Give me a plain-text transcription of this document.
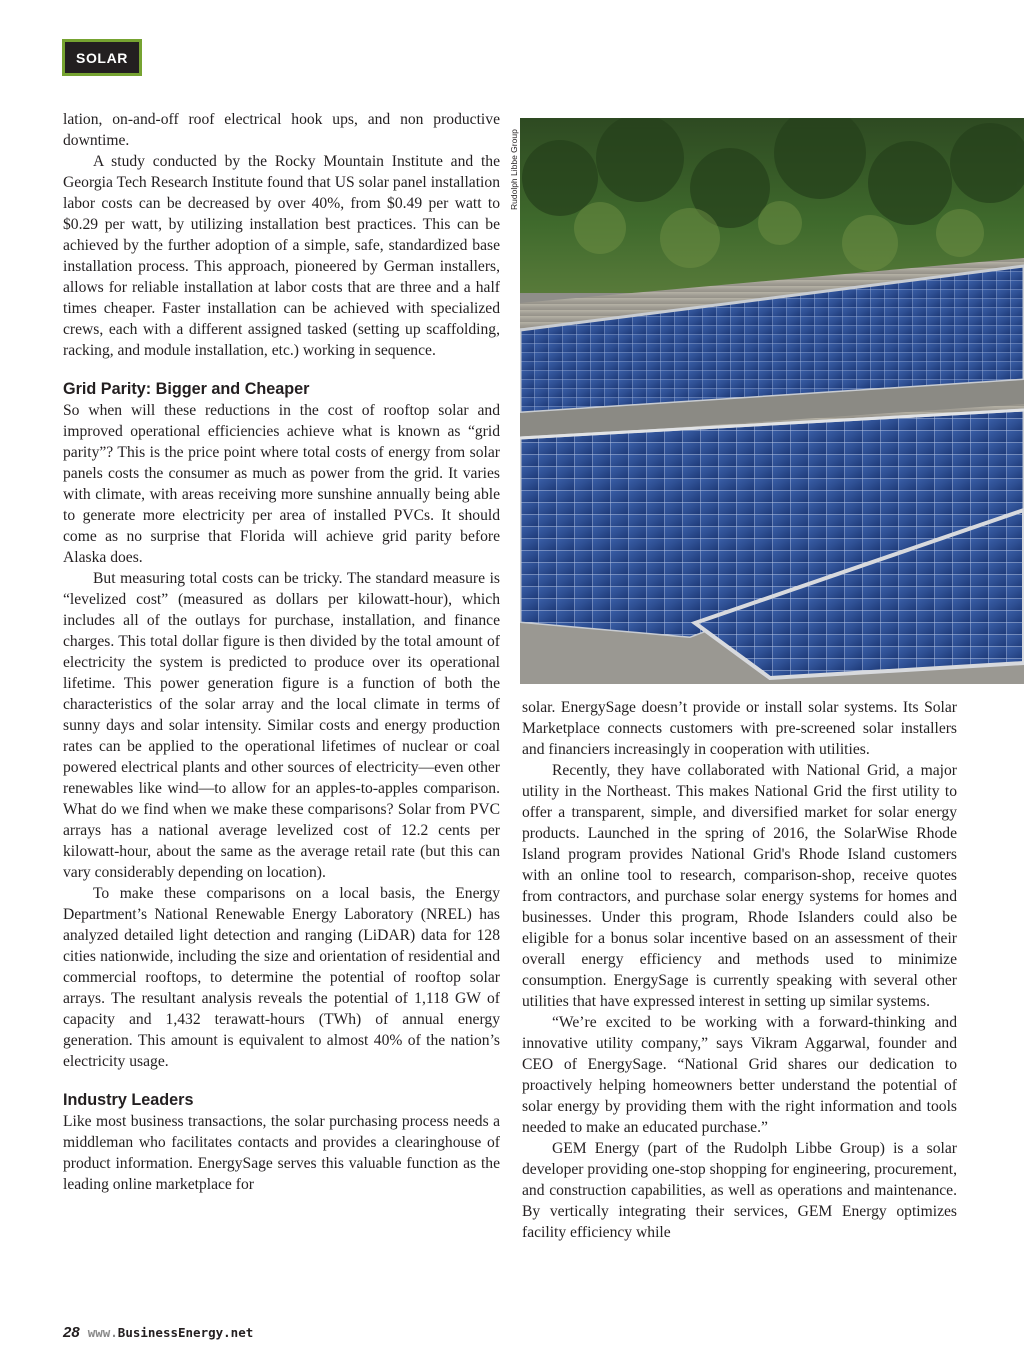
SOLAR

lation, on-and-off roof electrical hook ups, and non productive downtime.

A study conducted by the Rocky Mountain Institute and the Georgia Tech Research Institute found that US solar panel installation labor costs can be decreased by over 40%, from $0.49 per watt to $0.29 per watt, by utilizing installation best practices. This can be achieved by the further adoption of a simple, safe, standardized base installation process. This approach, pioneered by German installers, allows for reliable installation at labor costs that are three and a half times cheaper. Faster installation can be achieved with specialized crews, each with a different assigned tasked (setting up scaffolding, racking, and module installation, etc.) working in sequence.

Grid Parity: Bigger and Cheaper

So when will these reductions in the cost of rooftop solar and improved operational efficiencies achieve what is known as “grid parity”? This is the price point where total costs of energy from solar panels costs the consumer as much as power from the grid. It varies with climate, with areas receiving more sunshine annually being able to generate more electricity per area of installed PVCs. It should come as no surprise that Florida will achieve grid parity before Alaska does.

But measuring total costs can be tricky. The standard measure is “levelized cost” (measured as dollars per kilowatt-hour), which includes all of the outlays for purchase, installation, and finance charges. This total dollar figure is then divided by the total amount of electricity the system is predicted to produce over its operational lifetime. This power generation figure is a function of both the characteristics of the solar array and the local climate in terms of sunny days and solar intensity. Similar costs and energy production rates can be applied to the operational lifetimes of nuclear or coal powered electrical plants and other sources of electricity—even other renewables like wind—to allow for an apples-to-apples comparison. What do we find when we make these comparisons? Solar from PVC arrays has a national average levelized cost of 12.2 cents per kilowatt-hour, about the same as the average retail rate (but this can vary considerably depending on location).

To make these comparisons on a local basis, the Energy Department’s National Renewable Energy Laboratory (NREL) has analyzed detailed light detection and ranging (LiDAR) data for 128 cities nationwide, including the size and orientation of residential and commercial rooftops, to determine the potential of rooftop solar arrays. The resultant analysis reveals the potential of 1,118 GW of capacity and 1,432 terawatt-hours (TWh) of annual energy generation. This amount is equivalent to almost 40% of the nation’s electricity usage.

Industry Leaders

Like most business transactions, the solar purchasing process needs a middleman who facilitates contacts and provides a clearinghouse of product information. EnergySage serves this valuable function as the leading online marketplace for

Rudolph Libbe Group

solar. EnergySage doesn’t provide or install solar systems. Its Solar Marketplace connects customers with pre-screened solar installers and financiers increasingly in cooperation with utilities.

Recently, they have collaborated with National Grid, a major utility in the Northeast. This makes National Grid the first utility to offer a transparent, simple, and diversified market for solar energy products. Launched in the spring of 2016, the SolarWise Rhode Island program provides National Grid's Rhode Island customers with an online tool to research, comparison-shop, receive quotes from contractors, and purchase solar energy systems for homes and businesses. Under this program, Rhode Islanders could also be eligible for a bonus solar incentive based on an assessment of their overall energy efficiency and methods used to minimize consumption. EnergySage is currently speaking with several other utilities that have expressed interest in setting up similar systems.

“We’re excited to be working with a forward-thinking and innovative utility company,” says Vikram Aggarwal, founder and CEO of EnergySage. “National Grid shares our dedication to proactively helping homeowners better understand the potential of solar energy by providing them with the right information and tools needed to make an educated purchase.”

GEM Energy (part of the Rudolph Libbe Group) is a solar developer providing one-stop shopping for engineering, procurement, and construction capabilities, as well as operations and maintenance. By vertically integrating their services, GEM Energy optimizes facility efficiency while

28 www.BusinessEnergy.net
